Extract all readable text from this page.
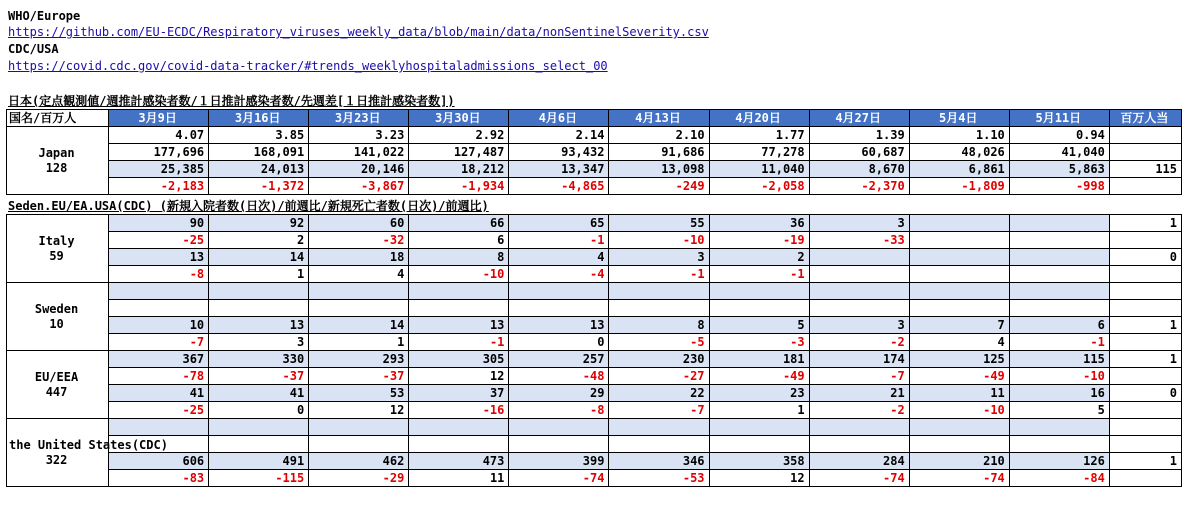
WHO/Europe
https://github.com/EU-ECDC/Respiratory_viruses_weekly_data/blob/main/data/nonSentinelSeverity.csv
CDC/USA
https://covid.cdc.gov/covid-data-tracker/#trends_weeklyhospitaladmissions_select_00
日本(定点観測値/週推計感染者数/１日推計感染者数/先週差[１日推計感染者数])
国名/百万人	3月9日	3月16日	3月23日	3月30日	4月6日	4月13日	4月20日	4月27日	5月4日	5月11日	百万人当

Japan
128	4.07	3.85	3.23	2.92	2.14	2.10	1.77	1.39	1.10	0.94	
	177,696	168,091	141,022	127,487	93,432	91,686	77,278	60,687	48,026	41,040	
	25,385	24,013	20,146	18,212	13,347	13,098	11,040	8,670	6,861	5,863	115
	-2,183	-1,372	-3,867	-1,934	-4,865	-249	-2,058	-2,370	-1,809	-998	
Seden.EU/EA.USA(CDC) (新規入院者数(日次)/前週比/新規死亡者数(日次)/前週比)
Italy
59	90	92	60	66	65	55	36	3			1
	-25	2	-32	6	-1	-10	-19	-33			
	13	14	18	8	4	3	2				0
	-8	1	4	-10	-4	-1	-1				

Sweden
10											

	10	13	14	13	13	8	5	3	7	6	1
	-7	3	1	-1	0	-5	-3	-2	4	-1	

EU/EEA
447	367	330	293	305	257	230	181	174	125	115	1
	-78	-37	-37	12	-48	-27	-49	-7	-49	-10	
	41	41	53	37	29	22	23	21	11	16	0
	-25	0	12	-16	-8	-7	1	-2	-10	5	

the United States(CDC)
322											

	606	491	462	473	399	346	358	284	210	126	1
	-83	-115	-29	11	-74	-53	12	-74	-74	-84	
